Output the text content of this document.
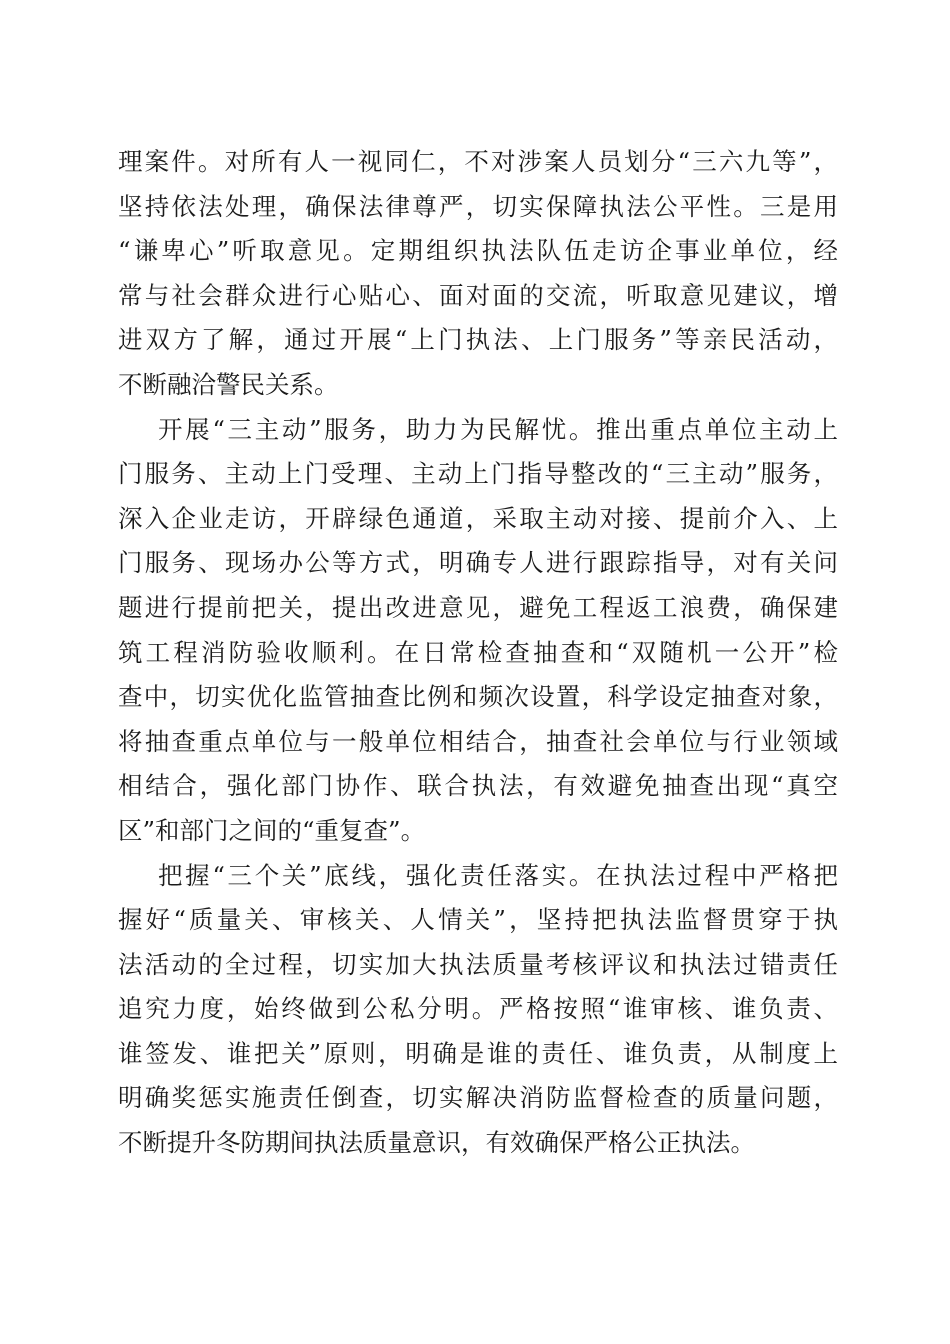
理案件。对所有人一视同仁，不对涉案人员划分“三六九等”，
坚持依法处理，确保法律尊严，切实保障执法公平性。三是用
“谦卑心”听取意见。定期组织执法队伍走访企事业单位，经
常与社会群众进行心贴心、面对面的交流，听取意见建议，增
进双方了解，通过开展“上门执法、上门服务”等亲民活动，
不断融洽警民关系。
开展“三主动”服务，助力为民解忧。推出重点单位主动上
门服务、主动上门受理、主动上门指导整改的“三主动”服务，
深入企业走访，开辟绿色通道，采取主动对接、提前介入、上
门服务、现场办公等方式，明确专人进行跟踪指导，对有关问
题进行提前把关，提出改进意见，避免工程返工浪费，确保建
筑工程消防验收顺利。在日常检查抽查和“双随机一公开”检
查中，切实优化监管抽查比例和频次设置，科学设定抽查对象，
将抽查重点单位与一般单位相结合，抽查社会单位与行业领域
相结合，强化部门协作、联合执法，有效避免抽查出现“真空
区”和部门之间的“重复查”。
把握“三个关”底线，强化责任落实。在执法过程中严格把
握好“质量关、审核关、人情关”，坚持把执法监督贯穿于执
法活动的全过程，切实加大执法质量考核评议和执法过错责任
追究力度，始终做到公私分明。严格按照“谁审核、谁负责、
谁签发、谁把关”原则，明确是谁的责任、谁负责，从制度上
明确奖惩实施责任倒查，切实解决消防监督检查的质量问题，
不断提升冬防期间执法质量意识，有效确保严格公正执法。
